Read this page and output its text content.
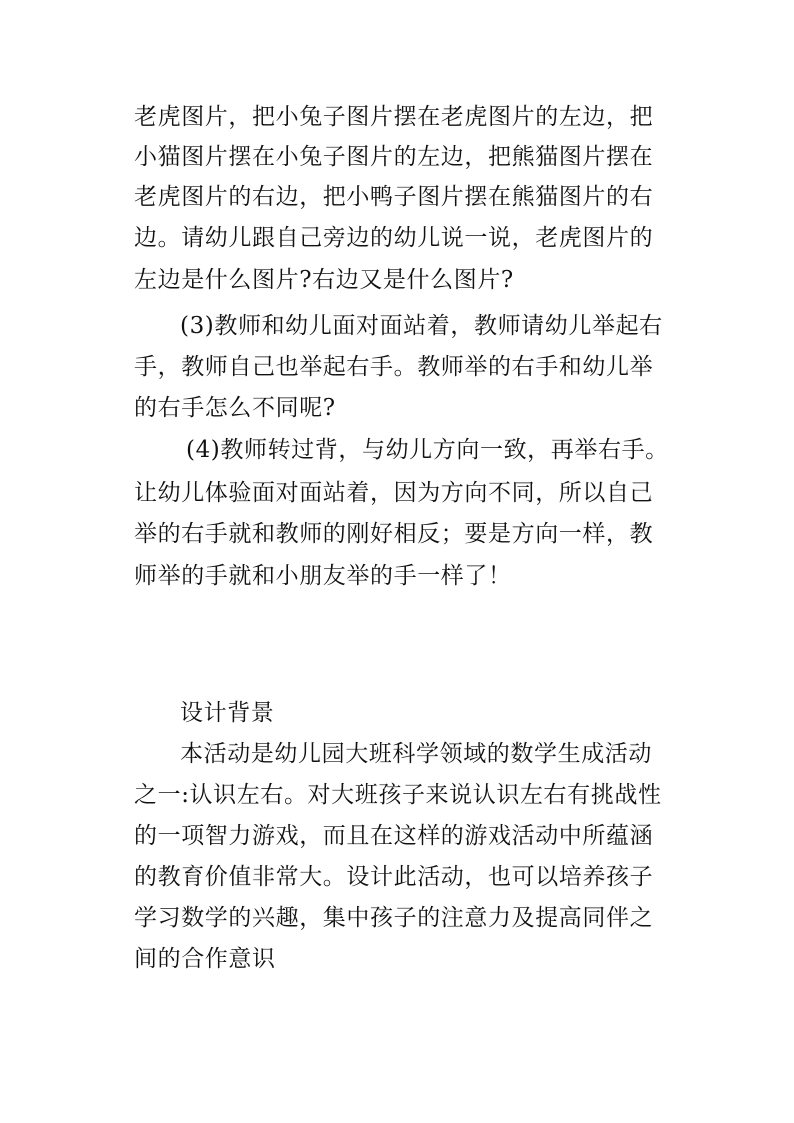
老虎图片，把小兔子图片摆在老虎图片的左边，把
小猫图片摆在小兔子图片的左边，把熊猫图片摆在
老虎图片的右边，把小鸭子图片摆在熊猫图片的右
边。请幼儿跟自己旁边的幼儿说一说，老虎图片的
左边是什么图片?右边又是什么图片?
(3)教师和幼儿面对面站着，教师请幼儿举起右
手，教师自己也举起右手。教师举的右手和幼儿举
的右手怎么不同呢?
(4)教师转过背，与幼儿方向一致，再举右手。
让幼儿体验面对面站着，因为方向不同，所以自己
举的右手就和教师的刚好相反；要是方向一样，教
师举的手就和小朋友举的手一样了！
设计背景
本活动是幼儿园大班科学领域的数学生成活动
之一:认识左右。对大班孩子来说认识左右有挑战性
的一项智力游戏，而且在这样的游戏活动中所蕴涵
的教育价值非常大。设计此活动，也可以培养孩子
学习数学的兴趣，集中孩子的注意力及提高同伴之
间的合作意识
